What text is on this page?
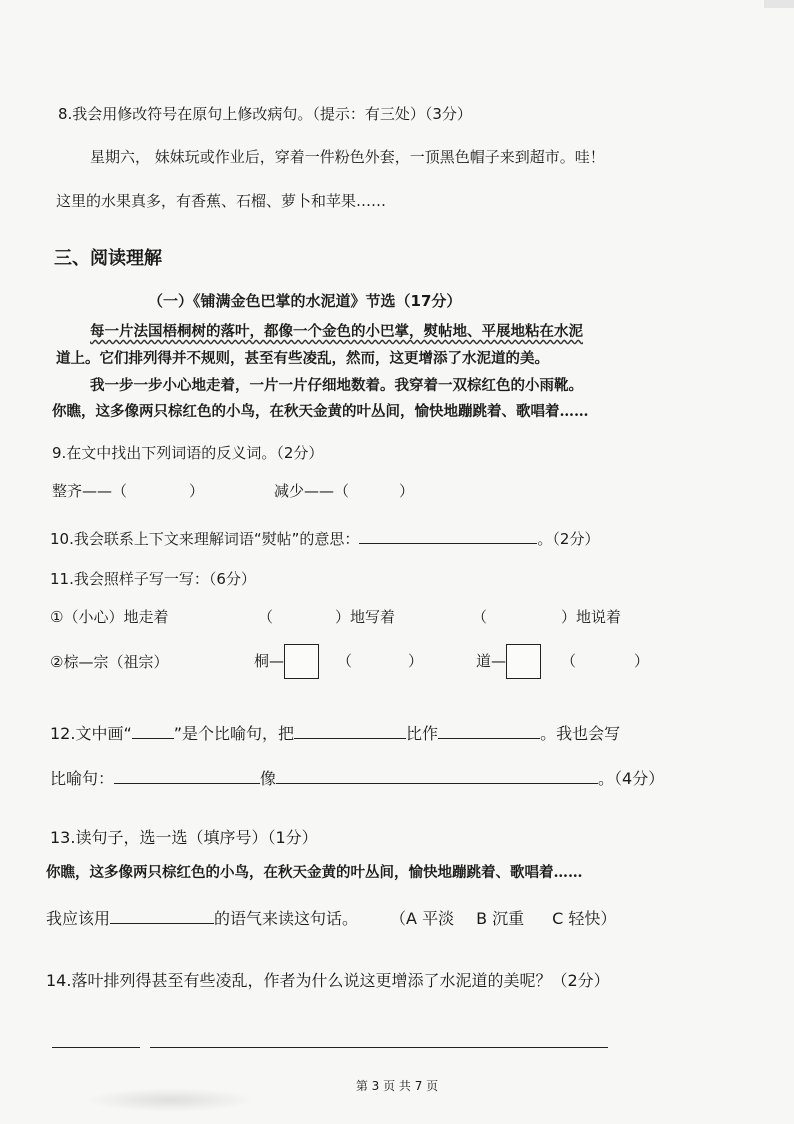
8.我会用修改符号在原句上修改病句。（提示：有三处）（3分）
星期六， 妹妹玩或作业后，穿着一件粉色外套，一顶黑色帽子来到超市。哇！
这里的水果真多，有香蕉、石榴、萝卜和苹果……
三、阅读理解
（一）《铺满金色巴掌的水泥道》节选（17分）
每一片法国梧桐树的落叶，都像一个金色的小巴掌，熨帖地、平展地粘在水泥
道上。它们排列得并不规则，甚至有些凌乱，然而，这更增添了水泥道的美。
我一步一步小心地走着，一片一片仔细地数着。我穿着一双棕红色的小雨靴。
你瞧，这多像两只棕红色的小鸟，在秋天金黄的叶丛间，愉快地蹦跳着、歌唱着……
9.在文中找出下列词语的反义词。（2分）
整齐——（	）	减少——（	）
10.我会联系上下文来理解词语“熨帖”的意思：	。（2分）
11.我会照样子写一写：（6分）
①（小心）地走着	（	）地写着	（	）地说着
②棕—宗（祖宗）	桐—	（	）	道—	（	）
12.文中画“	”是个比喻句，把	比作	。我也会写
比喻句：	像	。（4分）
13.读句子，选一选（填序号）（1分）
你瞧，这多像两只棕红色的小鸟，在秋天金黄的叶丛间，愉快地蹦跳着、歌唱着……
我应该用	的语气来读这句话。 （A 平淡 B 沉重 C 轻快）
14.落叶排列得甚至有些凌乱，作者为什么说这更增添了水泥道的美呢？（2分）
第 3 页 共 7 页
